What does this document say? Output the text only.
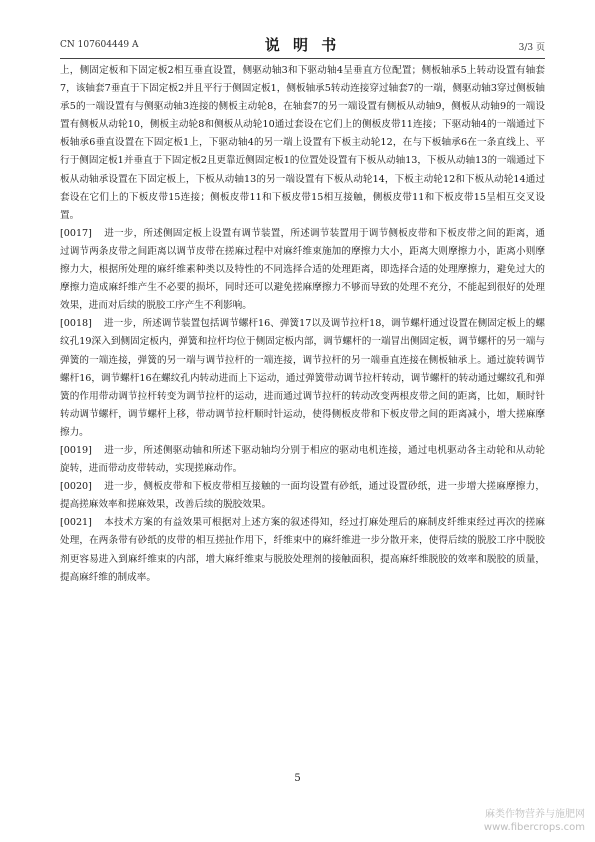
CN 107604449 A	说 明 书	3/3 页

上，侧固定板和下固定板2相互垂直设置，侧驱动轴3和下驱动轴4呈垂直方位配置；侧板轴承5上转动设置有轴套7，该轴套7垂直于下固定板2并且平行于侧固定板1，侧板轴承5转动连接穿过轴套7的一端，侧驱动轴3穿过侧板轴承5的一端设置有与侧驱动轴3连接的侧板主动轮8，在轴套7的另一端设置有侧板从动轴9，侧板从动轴9的一端设置有侧板从动轮10，侧板主动轮8和侧板从动轮10通过套设在它们上的侧板皮带11连接；下驱动轴4的一端通过下板轴承6垂直设置在下固定板1上，下驱动轴4的另一端上设置有下板主动轮12，在与下板轴承6在一条直线上、平行于侧固定板1并垂直于下固定板2且更靠近侧固定板1的位置处设置有下板从动轴13，下板从动轴13的一端通过下板从动轴承设置在下固定板上，下板从动轴13的另一端设置有下板从动轮14，下板主动轮12和下板从动轮14通过套设在它们上的下板皮带15连接；侧板皮带11和下板皮带15相互接触，侧板皮带11和下板皮带15呈相互交叉设置。

[0017] 进一步，所述侧固定板上设置有调节装置，所述调节装置用于调节侧板皮带和下板皮带之间的距离，通过调节两条皮带之间距离以调节皮带在搓麻过程中对麻纤维束施加的摩擦力大小，距离大则摩擦力小，距离小则摩擦力大，根据所处理的麻纤维素种类以及特性的不同选择合适的处理距离，即选择合适的处理摩擦力，避免过大的摩擦力造成麻纤维产生不必要的损坏，同时还可以避免搓麻摩擦力不够而导致的处理不充分，不能起到很好的处理效果，进而对后续的脱胶工序产生不利影响。

[0018] 进一步，所述调节装置包括调节螺杆16、弹簧17以及调节拉杆18，调节螺杆通过设置在侧固定板上的螺纹孔19深入到侧固定板内，弹簧和拉杆均位于侧固定板内部，调节螺杆的一端冒出侧固定板，调节螺杆的另一端与弹簧的一端连接，弹簧的另一端与调节拉杆的一端连接，调节拉杆的另一端垂直连接在侧板轴承上。通过旋转调节螺杆16，调节螺杆16在螺纹孔内转动进而上下运动，通过弹簧带动调节拉杆转动，调节螺杆的转动通过螺纹孔和弹簧的作用带动调节拉杆转变为调节拉杆的运动，进而通过调节拉杆的转动改变两根皮带之间的距离，比如，顺时针转动调节螺杆，调节螺杆上移，带动调节拉杆顺时针运动，使得侧板皮带和下板皮带之间的距离减小，增大搓麻摩擦力。

[0019] 进一步，所述侧驱动轴和所述下驱动轴均分别于相应的驱动电机连接，通过电机驱动各主动轮和从动轮旋转，进而带动皮带转动，实现搓麻动作。

[0020] 进一步，侧板皮带和下板皮带相互接触的一面均设置有砂纸，通过设置砂纸，进一步增大搓麻摩擦力，提高搓麻效率和搓麻效果，改善后续的脱胶效果。

[0021] 本技术方案的有益效果可根据对上述方案的叙述得知，经过打麻处理后的麻制皮纤维束经过再次的搓麻处理，在两条带有砂纸的皮带的相互搓扯作用下，纤维束中的麻纤维进一步分散开来，使得后续的脱胶工序中脱胶剂更容易进入到麻纤维束的内部，增大麻纤维束与脱胶处理剂的接触面积，提高麻纤维脱胶的效率和脱胶的质量，提高麻纤维的制成率。

5
麻类作物营养与施肥网
www.fibercrops.com
